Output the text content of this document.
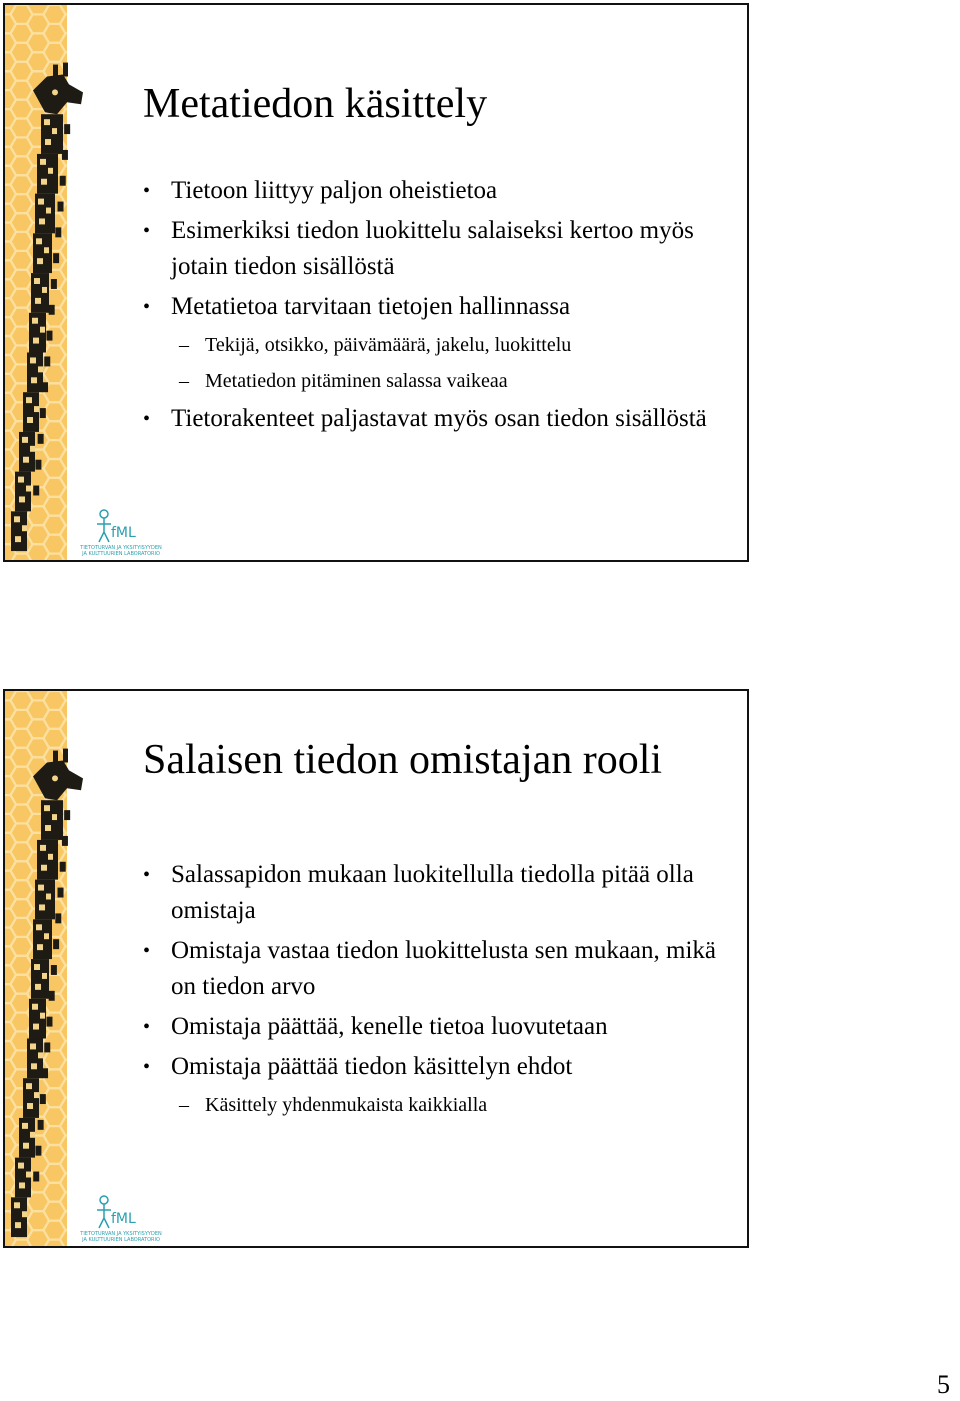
Metatiedon käsittely
• Tietoon liittyy paljon oheistietoa
• Esimerkiksi tiedon luokittelu salaiseksi kertoo myös jotain tiedon sisällöstä
• Metatietoa tarvitaan tietojen hallinnassa
– Tekijä, otsikko, päivämäärä, jakelu, luokittelu
– Metatiedon pitäminen salassa vaikeaa
• Tietorakenteet paljastavat myös osan tiedon sisällöstä
fML
TIETOTURVAN JA YKSITYISYYDEN
JA KULTTUURIEN LABORATORIO
Salaisen tiedon omistajan rooli
• Salassapidon mukaan luokitellulla tiedolla pitää olla omistaja
• Omistaja vastaa tiedon luokittelusta sen mukaan, mikä on tiedon arvo
• Omistaja päättää, kenelle tietoa luovutetaan
• Omistaja päättää tiedon käsittelyn ehdot
– Käsittely yhdenmukaista kaikkialla
fML
TIETOTURVAN JA YKSITYISYYDEN
JA KULTTUURIEN LABORATORIO
5
